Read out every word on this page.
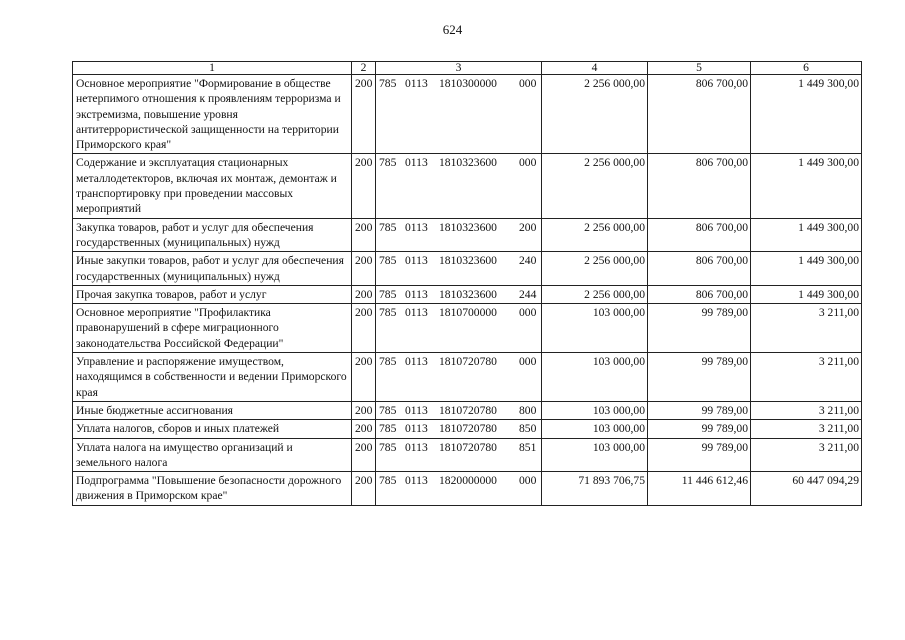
624
1	2	3	4	5	6
Основное мероприятие "Формирование в обществе нетерпимого отношения к проявлениям терроризма и экстремизма, повышение уровня антитеррористической защищенности на территории Приморского края"	200	785 0113 1810300000 000	2 256 000,00	806 700,00	1 449 300,00
Содержание и эксплуатация стационарных металлодетекторов, включая их монтаж, демонтаж и транспортировку при проведении массовых мероприятий	200	785 0113 1810323600 000	2 256 000,00	806 700,00	1 449 300,00
Закупка товаров, работ и услуг для обеспечения государственных (муниципальных) нужд	200	785 0113 1810323600 200	2 256 000,00	806 700,00	1 449 300,00
Иные закупки товаров, работ и услуг для обеспечения государственных (муниципальных) нужд	200	785 0113 1810323600 240	2 256 000,00	806 700,00	1 449 300,00
Прочая закупка товаров, работ и услуг	200	785 0113 1810323600 244	2 256 000,00	806 700,00	1 449 300,00
Основное мероприятие "Профилактика правонарушений в сфере миграционного законодательства Российской Федерации"	200	785 0113 1810700000 000	103 000,00	99 789,00	3 211,00
Управление и распоряжение имуществом, находящимся в собственности и ведении Приморского края	200	785 0113 1810720780 000	103 000,00	99 789,00	3 211,00
Иные бюджетные ассигнования	200	785 0113 1810720780 800	103 000,00	99 789,00	3 211,00
Уплата налогов, сборов и иных платежей	200	785 0113 1810720780 850	103 000,00	99 789,00	3 211,00
Уплата налога на имущество организаций и земельного налога	200	785 0113 1810720780 851	103 000,00	99 789,00	3 211,00
Подпрограмма "Повышение безопасности дорожного движения в Приморском крае"	200	785 0113 1820000000 000	71 893 706,75	11 446 612,46	60 447 094,29
